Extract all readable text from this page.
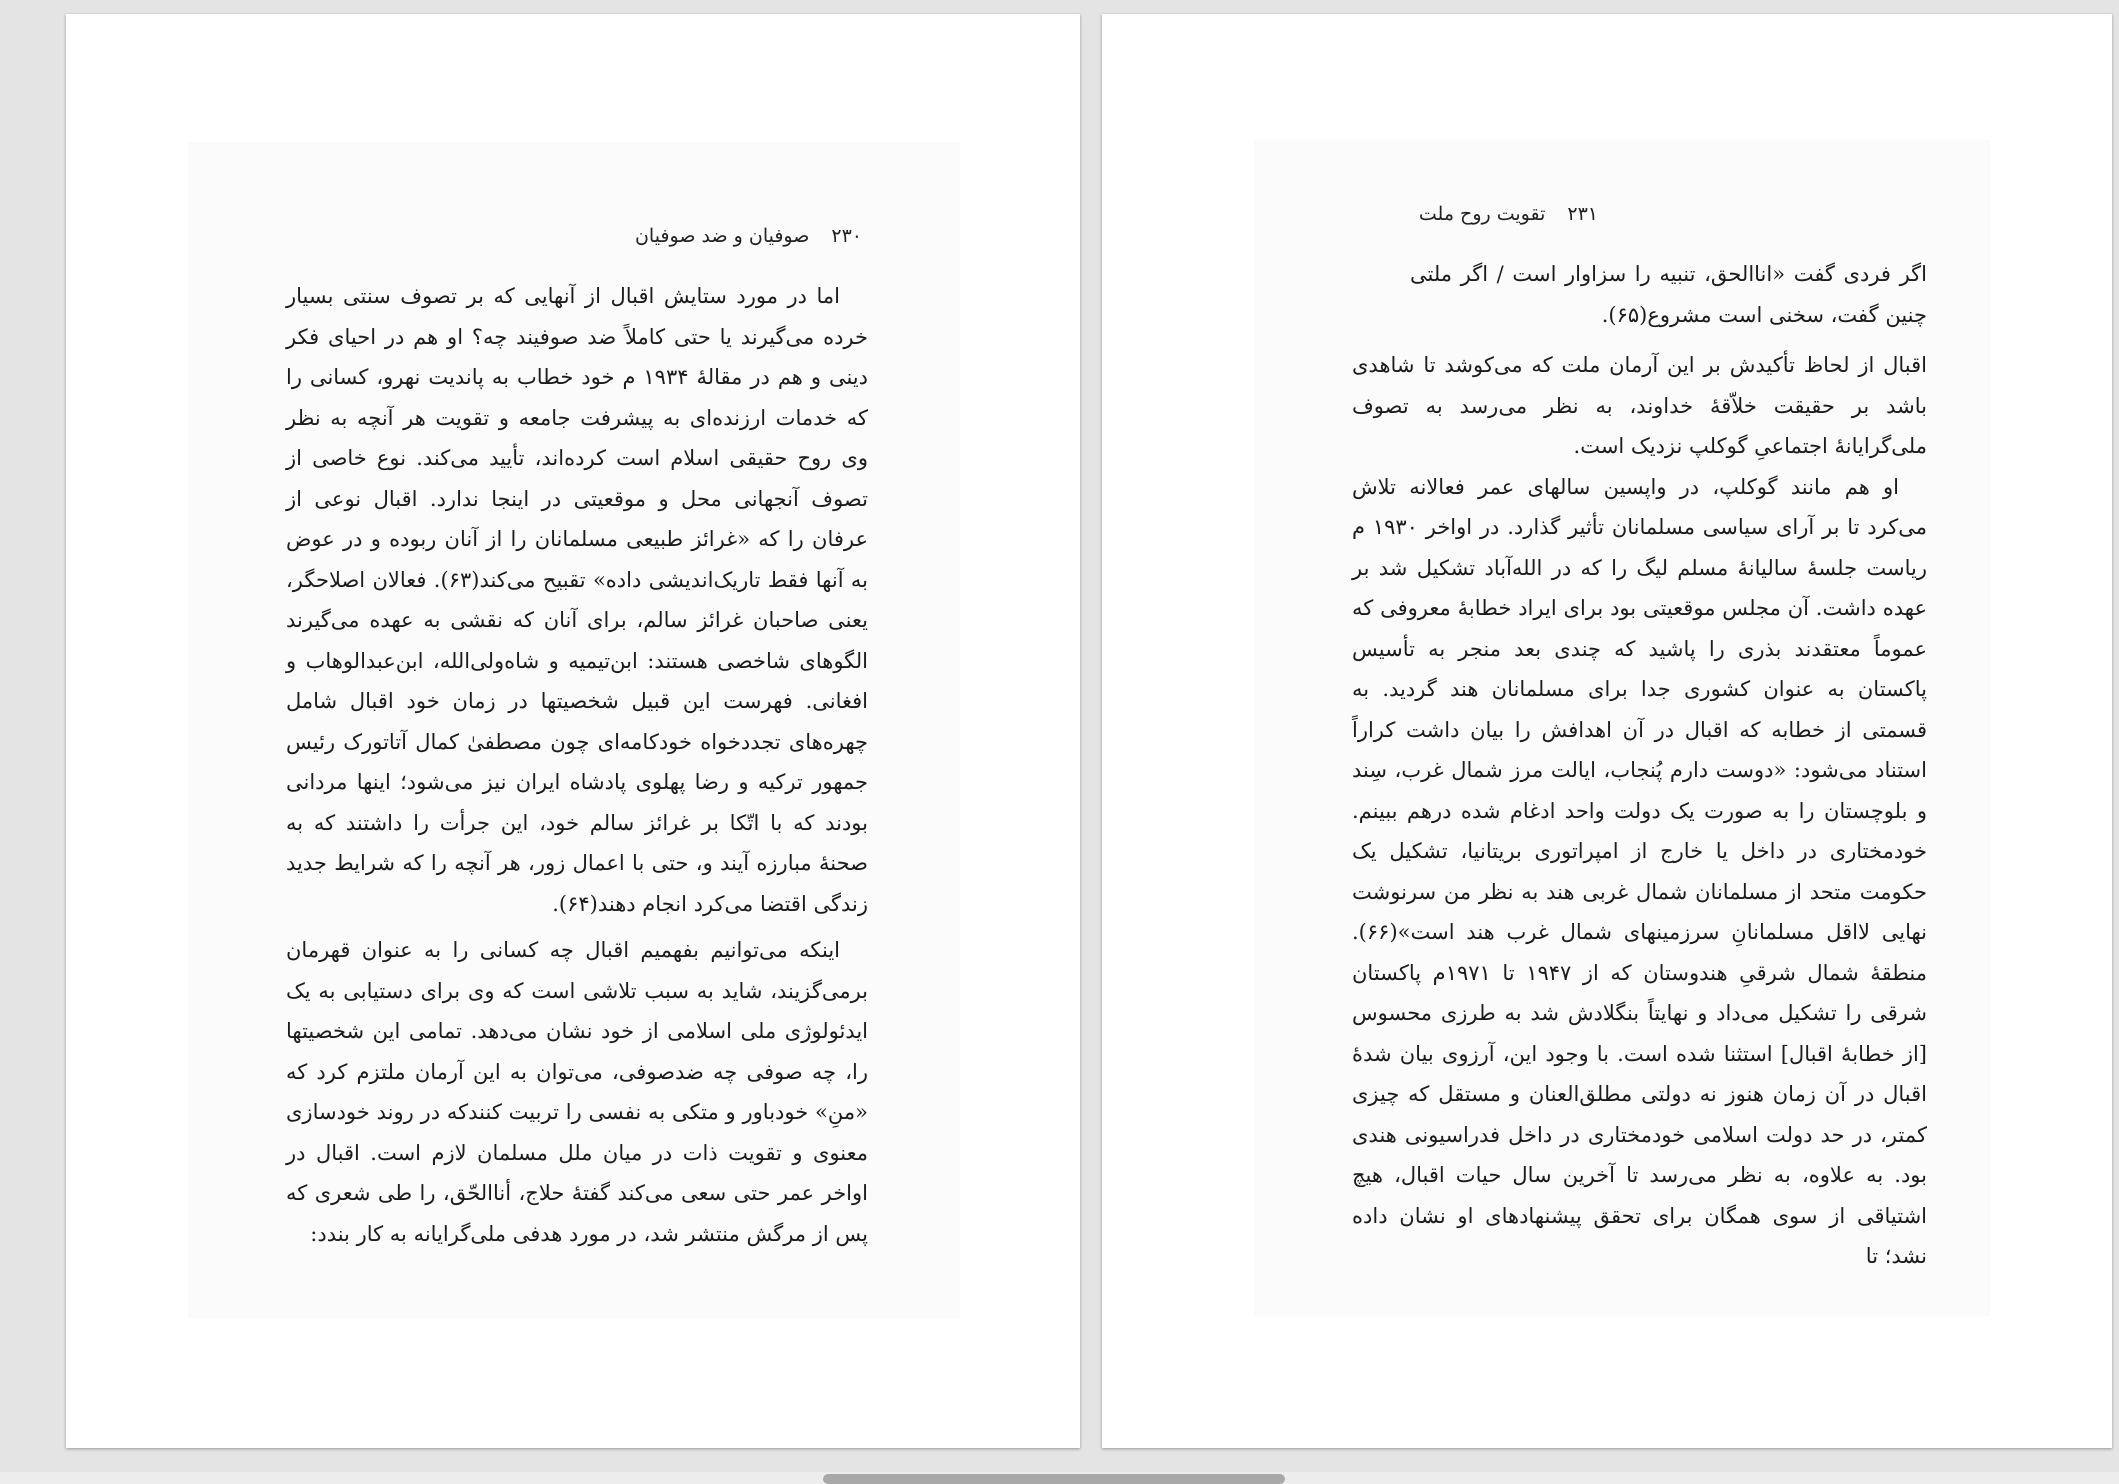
۲۳۰صوفیان و ضد صوفیان

اما در مورد ستایش اقبال از آنهایی که بر تصوف سنتی بسیار خرده می‌گیرند یا حتی کاملاً ضد صوفیند چه؟ او هم در احیای فکر دینی و هم در مقالهٔ ۱۹۳۴ م خود خطاب به پاندیت نهرو، کسانی را که خدمات ارزنده‌ای به پیشرفت جامعه و تقویت هر آنچه به نظر وی روح حقیقی اسلام است کرده‌اند، تأیید می‌کند. نوع خاصی از تصوف آنجهانی محل و موقعیتی در اینجا ندارد. اقبال نوعی از عرفان را که «غرائز طبیعی مسلمانان را از آنان ربوده و در عوض به آنها فقط تاریک‌اندیشی داده» تقبیح می‌کند(۶۳). فعالان اصلاحگر، یعنی صاحبان غرائز سالم، برای آنان که نقشی به عهده می‌گیرند الگوهای شاخصی هستند: ابن‌تیمیه و شاه‌ولی‌الله، ابن‌عبدالوهاب و افغانی. فهرست این قبیل شخصیتها در زمان خود اقبال شامل چهره‌های تجددخواه خودکامه‌ای چون مصطفیٰ کمال آتاتورک رئیس جمهور ترکیه و رضا پهلوی پادشاه ایران نیز می‌شود؛ اینها مردانی بودند که با اتّکا بر غرائز سالم خود، این جرأت را داشتند که به صحنهٔ مبارزه آیند و، حتی با اعمال زور، هر آنچه را که شرایط جدید زندگی اقتضا می‌کرد انجام دهند(۶۴).

اینکه می‌توانیم بفهمیم اقبال چه کسانی را به عنوان قهرمان برمی‌گزیند، شاید به سبب تلاشی است که وی برای دستیابی به یک ایدئولوژی ملی اسلامی از خود نشان می‌دهد. تمامی این شخصیتها را، چه صوفی چه ضدصوفی، می‌توان به این آرمان ملتزم کرد که «منِ» خودباور و متکی به نفسی را تربیت کنندکه در روند خودسازی معنوی و تقویت ذات در میان ملل مسلمان لازم است. اقبال در اواخر عمر حتی سعی می‌کند گفتهٔ حلاج، أناالحّق، را طی شعری که پس از مرگش منتشر شد، در مورد هدفی ملی‌گرایانه به کار بندد:

۲۳۱تقویت روح ملت

اگر فردی گفت «اناالحق، تنبیه را سزاوار است / اگر ملتی چنین گفت، سخنی است مشروع(۶۵).

اقبال از لحاظ تأکیدش بر این آرمان ملت که می‌کوشد تا شاهدی باشد بر حقیقت خلاّقهٔ خداوند، به نظر می‌رسد به تصوف ملی‌گرایانهٔ اجتماعیِ گوکلپ نزدیک است.

او هم مانند گوکلپ، در واپسین سالهای عمر فعالانه تلاش می‌کرد تا بر آرای سیاسی مسلمانان تأثیر گذارد. در اواخر ۱۹۳۰ م ریاست جلسهٔ سالیانهٔ مسلم لیگ را که در الله‌آباد تشکیل شد بر عهده داشت. آن مجلس موقعیتی بود برای ایراد خطابهٔ معروفی که عموماً معتقدند بذری را پاشید که چندی بعد منجر به تأسیس پاکستان به عنوان کشوری جدا برای مسلمانان هند گردید. به قسمتی از خطابه که اقبال در آن اهدافش را بیان داشت کراراً استناد می‌شود: «دوست دارم پُنجاب، ایالت مرز شمال غرب، سِند و بلوچستان را به صورت یک دولت واحد ادغام شده درهم ببینم. خودمختاری در داخل یا خارج از امپراتوری بریتانیا، تشکیل یک حکومت متحد از مسلمانان شمال غربی هند به نظر من سرنوشت نهایی لااقل مسلمانانِ سرزمینهای شمال غرب هند است»(۶۶). منطقهٔ شمال شرقیِ هندوستان که از ۱۹۴۷ تا ۱۹۷۱م پاکستان شرقی را تشکیل می‌داد و نهایتاً بنگلادش شد به طرزی محسوس [از خطابهٔ اقبال] استثنا شده است. با وجود این، آرزوی بیان شدهٔ اقبال در آن زمان هنوز نه دولتی مطلق‌العنان و مستقل که چیزی کمتر، در حد دولت اسلامی خودمختاری در داخل فدراسیونی هندی بود. به علاوه، به نظر می‌رسد تا آخرین سال حیات اقبال، هیچ اشتیاقی از سوی همگان برای تحقق پیشنهادهای او نشان داده نشد؛ تا
